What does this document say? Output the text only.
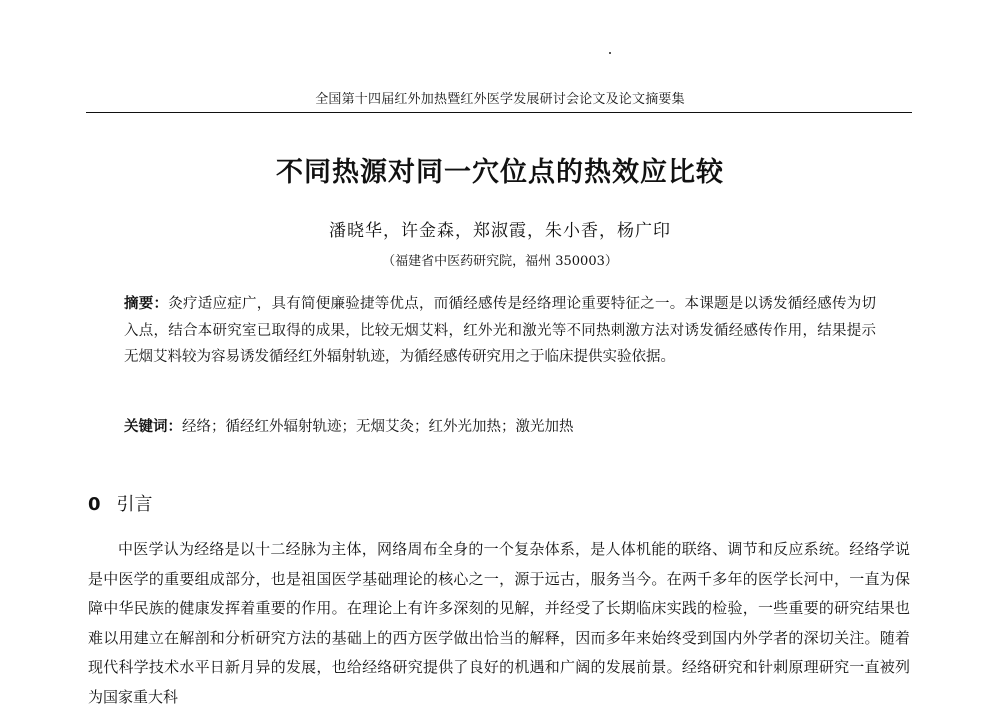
全国第十四届红外加热暨红外医学发展研讨会论文及论文摘要集
不同热源对同一穴位点的热效应比较
潘晓华，许金森，郑淑霞，朱小香，杨广印
（福建省中医药研究院，福州 350003）
摘要：灸疗适应症广，具有简便廉验捷等优点，而循经感传是经络理论重要特征之一。本课题是以诱发循经感传为切入点，结合本研究室已取得的成果，比较无烟艾料，红外光和激光等不同热刺激方法对诱发循经感传作用，结果提示无烟艾料较为容易诱发循经红外辐射轨迹，为循经感传研究用之于临床提供实验依据。
关键词：经络；循经红外辐射轨迹；无烟艾灸；红外光加热；激光加热
0 引言

中医学认为经络是以十二经脉为主体，网络周布全身的一个复杂体系，是人体机能的联络、调节和反应系统。经络学说是中医学的重要组成部分，也是祖国医学基础理论的核心之一，源于远古，服务当今。在两千多年的医学长河中，一直为保障中华民族的健康发挥着重要的作用。在理论上有许多深刻的见解，并经受了长期临床实践的检验，一些重要的研究结果也难以用建立在解剖和分析研究方法的基础上的西方医学做出恰当的解释，因而多年来始终受到国内外学者的深切关注。随着现代科学技术水平日新月异的发展，也给经络研究提供了良好的机遇和广阔的发展前景。经络研究和针刺原理研究一直被列为国家重大科
